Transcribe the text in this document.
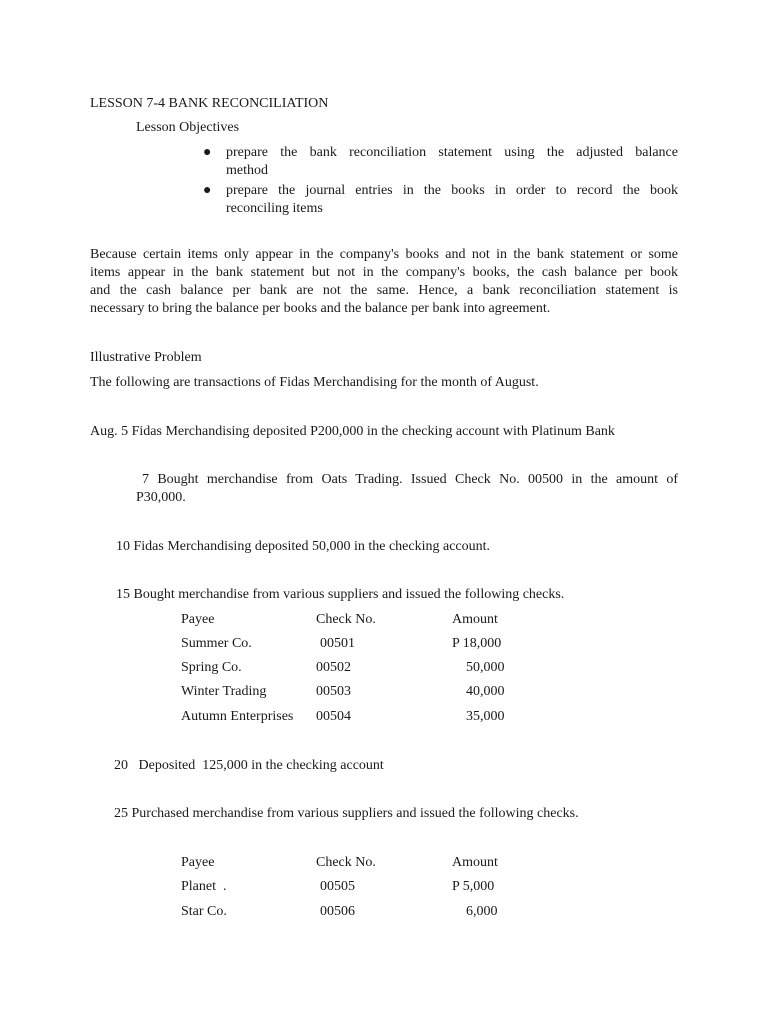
LESSON 7-4 BANK RECONCILIATION
Lesson Objectives
● prepare the bank reconciliation statement using the adjusted balance
method
● prepare the journal entries in the books in order to record the book
reconciling items
Because certain items only appear in the company's books and not in the bank statement or some
items appear in the bank statement but not in the company's books, the cash balance per book
and the cash balance per bank are not the same. Hence, a bank reconciliation statement is
necessary to bring the balance per books and the balance per bank into agreement.
Illustrative Problem
The following are transactions of Fidas Merchandising for the month of August.
Aug. 5 Fidas Merchandising deposited P200,000 in the checking account with Platinum Bank
7 Bought merchandise from Oats Trading. Issued Check No. 00500 in the amount of
P30,000.
10 Fidas Merchandising deposited 50,000 in the checking account.
15 Bought merchandise from various suppliers and issued the following checks.
Payee	Check No.	Amount
Summer Co.	00501	P 18,000
Spring Co.	00502	50,000
Winter Trading	00503	40,000
Autumn Enterprises 00504	35,000
20   Deposited  125,000 in the checking account
25 Purchased merchandise from various suppliers and issued the following checks.
Payee	Check No.	Amount
Planet  .	00505	P 5,000
Star Co.	00506	6,000
